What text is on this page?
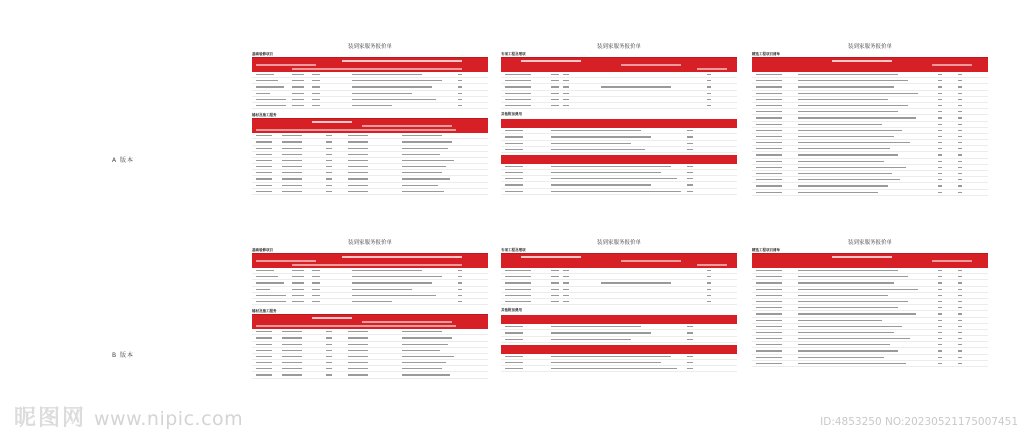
A 版本
B 版本
装到家服务报价单
基础装修项目
辅材及施工服务
装到家服务报价单
专项工程及增项
其他附加费用
装到家服务报价单
精选工程项目清单
装到家服务报价单
基础装修项目
辅材及施工服务
装到家服务报价单
专项工程及增项
其他附加费用
装到家服务报价单
精选工程项目清单
昵图网 www.nipic.com	ID:4853250 NO:20230521175007451
